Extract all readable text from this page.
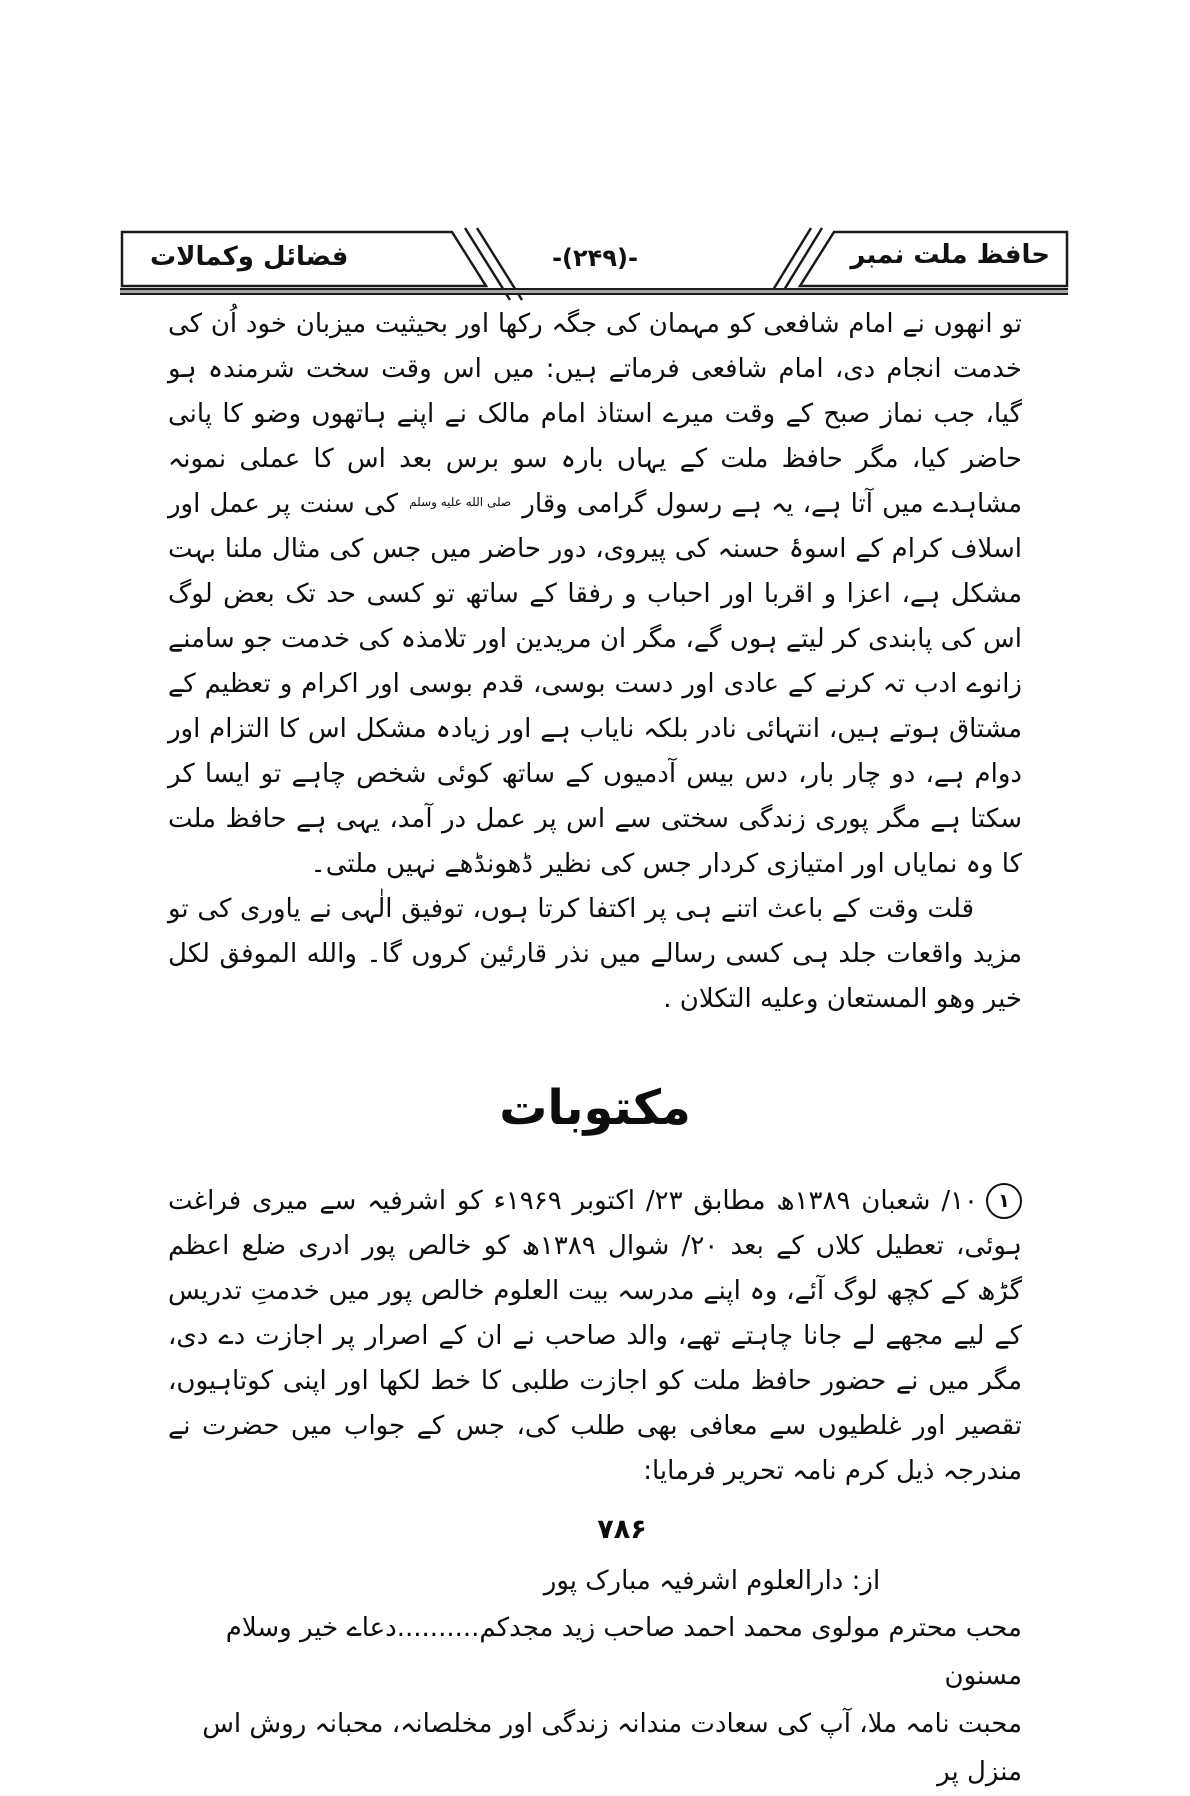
حافظ ملت نمبر
فضائل وکمالات	-(۲۴۹)-

تو انھوں نے امام شافعی کو مہمان کی جگہ رکھا اور بحیثیت میزبان خود اُن کی خدمت انجام دی، امام شافعی فرماتے ہیں: میں اس وقت سخت شرمندہ ہو گیا، جب نماز صبح کے وقت میرے استاذ امام مالک نے اپنے ہاتھوں وضو کا پانی حاضر کیا، مگر حافظ ملت کے یہاں بارہ سو برس بعد اس کا عملی نمونہ مشاہدے میں آتا ہے، یہ ہے رسول گرامی وقار صلى الله عليه وسلم کی سنت پر عمل اور اسلاف کرام کے اسوۂ حسنہ کی پیروی، دور حاضر میں جس کی مثال ملنا بہت مشکل ہے، اعزا و اقربا اور احباب و رفقا کے ساتھ تو کسی حد تک بعض لوگ اس کی پابندی کر لیتے ہوں گے، مگر ان مریدین اور تلامذہ کی خدمت جو سامنے زانوے ادب تہ کرنے کے عادی اور دست بوسی، قدم بوسی اور اکرام و تعظیم کے مشتاق ہوتے ہیں، انتہائی نادر بلکہ نایاب ہے اور زیادہ مشکل اس کا التزام اور دوام ہے، دو چار بار، دس بیس آدمیوں کے ساتھ کوئی شخص چاہے تو ایسا کر سکتا ہے مگر پوری زندگی سختی سے اس پر عمل در آمد، یہی ہے حافظ ملت کا وہ نمایاں اور امتیازی کردار جس کی نظیر ڈھونڈھے نہیں ملتی۔

قلت وقت کے باعث اتنے ہی پر اکتفا کرتا ہوں، توفیق الٰہی نے یاوری کی تو مزید واقعات جلد ہی کسی رسالے میں نذر قارئین کروں گا۔ والله الموفق لكل خير وهو المستعان وعليه التكلان .

مکتوبات

۱۱۰/ شعبان ۱۳۸۹ھ مطابق ۲۳/ اکتوبر ۱۹۶۹ء کو اشرفیہ سے میری فراغت ہوئی، تعطیل کلاں کے بعد ۲۰/ شوال ۱۳۸۹ھ کو خالص پور ادری ضلع اعظم گڑھ کے کچھ لوگ آئے، وہ اپنے مدرسہ بیت العلوم خالص پور میں خدمتِ تدریس کے لیے مجھے لے جانا چاہتے تھے، والد صاحب نے ان کے اصرار پر اجازت دے دی، مگر میں نے حضور حافظ ملت کو اجازت طلبی کا خط لکھا اور اپنی کوتاہیوں، تقصیر اور غلطیوں سے معافی بھی طلب کی، جس کے جواب میں حضرت نے مندرجہ ذیل کرم نامہ تحریر فرمایا:

۷۸۶
از: دارالعلوم اشرفیہ مبارک پور
محب محترم مولوی محمد احمد صاحب زید مجدکم..........دعاے خیر وسلام مسنون
محبت نامہ ملا، آپ کی سعادت مندانہ زندگی اور مخلصانہ، محبانہ روش اس منزل پر
